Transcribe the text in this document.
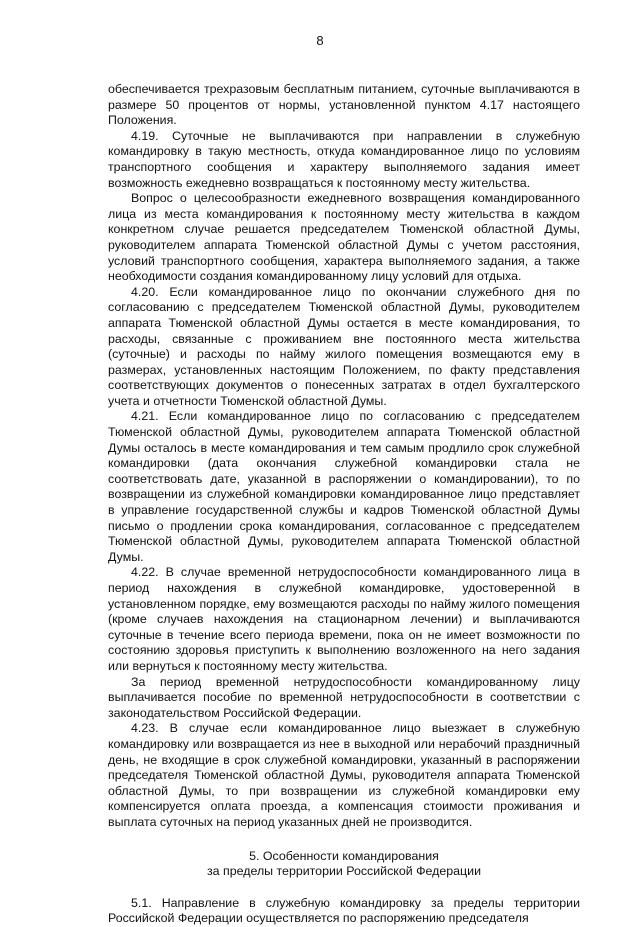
8

обеспечивается трехразовым бесплатным питанием, суточные выплачиваются в размере 50 процентов от нормы, установленной пунктом 4.17 настоящего Положения.

4.19. Суточные не выплачиваются при направлении в служебную командировку в такую местность, откуда командированное лицо по условиям транспортного сообщения и характеру выполняемого задания имеет возможность ежедневно возвращаться к постоянному месту жительства.

Вопрос о целесообразности ежедневного возвращения командированного лица из места командирования к постоянному месту жительства в каждом конкретном случае решается председателем Тюменской областной Думы, руководителем аппарата Тюменской областной Думы с учетом расстояния, условий транспортного сообщения, характера выполняемого задания, а также необходимости создания командированному лицу условий для отдыха.

4.20. Если командированное лицо по окончании служебного дня по согласованию с председателем Тюменской областной Думы, руководителем аппарата Тюменской областной Думы остается в месте командирования, то расходы, связанные с проживанием вне постоянного места жительства (суточные) и расходы по найму жилого помещения возмещаются ему в размерах, установленных настоящим Положением, по факту представления соответствующих документов о понесенных затратах в отдел бухгалтерского учета и отчетности Тюменской областной Думы.

4.21. Если командированное лицо по согласованию с председателем Тюменской областной Думы, руководителем аппарата Тюменской областной Думы осталось в месте командирования и тем самым продлило срок служебной командировки (дата окончания служебной командировки стала не соответствовать дате, указанной в распоряжении о командировании), то по возвращении из служебной командировки командированное лицо представляет в управление государственной службы и кадров Тюменской областной Думы письмо о продлении срока командирования, согласованное с председателем Тюменской областной Думы, руководителем аппарата Тюменской областной Думы.

4.22. В случае временной нетрудоспособности командированного лица в период нахождения в служебной командировке, удостоверенной в установленном порядке, ему возмещаются расходы по найму жилого помещения (кроме случаев нахождения на стационарном лечении) и выплачиваются суточные в течение всего периода времени, пока он не имеет возможности по состоянию здоровья приступить к выполнению возложенного на него задания или вернуться к постоянному месту жительства.

За период временной нетрудоспособности командированному лицу выплачивается пособие по временной нетрудоспособности в соответствии с законодательством Российской Федерации.

4.23. В случае если командированное лицо выезжает в служебную командировку или возвращается из нее в выходной или нерабочий праздничный день, не входящие в срок служебной командировки, указанный в распоряжении председателя Тюменской областной Думы, руководителя аппарата Тюменской областной Думы, то при возвращении из служебной командировки ему компенсируется оплата проезда, а компенсация стоимости проживания и выплата суточных на период указанных дней не производится.

5. Особенности командирования
за пределы территории Российской Федерации

5.1. Направление в служебную командировку за пределы территории Российской Федерации осуществляется по распоряжению председателя
